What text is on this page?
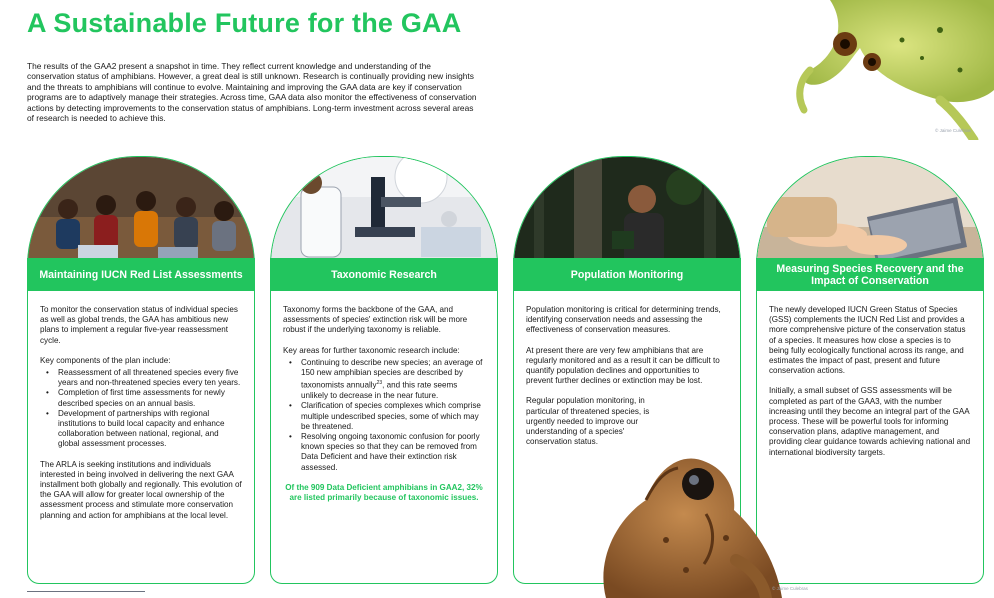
A Sustainable Future for the GAA

The results of the GAA2 present a snapshot in time. They reflect current knowledge and understanding of the conservation status of amphibians. However, a great deal is still unknown. Research is continually providing new insights and the threats to amphibians will continue to evolve. Maintaining and improving the GAA data are key if conservation programs are to adaptively manage their strategies. Across time, GAA data also monitor the effectiveness of conservation actions by detecting improvements to the conservation status of amphibians. Long-term investment across several areas of research is needed to achieve this.

© Jaime Culebras
Maintaining IUCN Red List Assessments

To monitor the conservation status of individual species as well as global trends, the GAA has ambitious new plans to implement a regular five-year reassessment cycle.

Key components of the plan include:

• Reassessment of all threatened species every five years and non-threatened species every ten years.
• Completion of first time assessments for newly described species on an annual basis.
• Development of partnerships with regional institutions to build local capacity and enhance collaboration between national, regional, and global assessment processes.

The ARLA is seeking institutions and individuals interested in being involved in delivering the next GAA installment both globally and regionally. This evolution of the GAA will allow for greater local ownership of the assessment process and stimulate more conservation planning and action for amphibians at the local level.

Taxonomic Research

Taxonomy forms the backbone of the GAA, and assessments of species' extinction risk will be more robust if the underlying taxonomy is reliable.

Key areas for further taxonomic research include:

• Continuing to describe new species; an average of 150 new amphibian species are described by taxonomists annually$^{23}$, and this rate seems unlikely to decrease in the near future.
• Clarification of species complexes which comprise multiple undescribed species, some of which may be threatened.
• Resolving ongoing taxonomic confusion for poorly known species so that they can be removed from Data Deficient and have their extinction risk assessed.

Of the 909 Data Deficient amphibians in GAA2, 32% are listed primarily because of taxonomic issues.

Population Monitoring

Population monitoring is critical for determining trends, identifying conservation needs and assessing the effectiveness of conservation measures.

At present there are very few amphibians that are regularly monitored and as a result it can be difficult to quantify population declines and opportunities to prevent further declines or extinction may be lost.

Regular population monitoring, in particular of threatened species, is urgently needed to improve our understanding of a species' conservation status.

Measuring Species Recovery and the Impact of Conservation

The newly developed IUCN Green Status of Species (GSS) complements the IUCN Red List and provides a more comprehensive picture of the conservation status of a species. It measures how close a species is to being fully ecologically functional across its range, and estimates the impact of past, present and future conservation actions.

Initially, a small subset of GSS assessments will be completed as part of the GAA3, with the number increasing until they become an integral part of the GAA process. These will be powerful tools for informing conservation plans, adaptive management, and providing clear guidance towards achieving national and international biodiversity targets.

© Jaime Culebras
